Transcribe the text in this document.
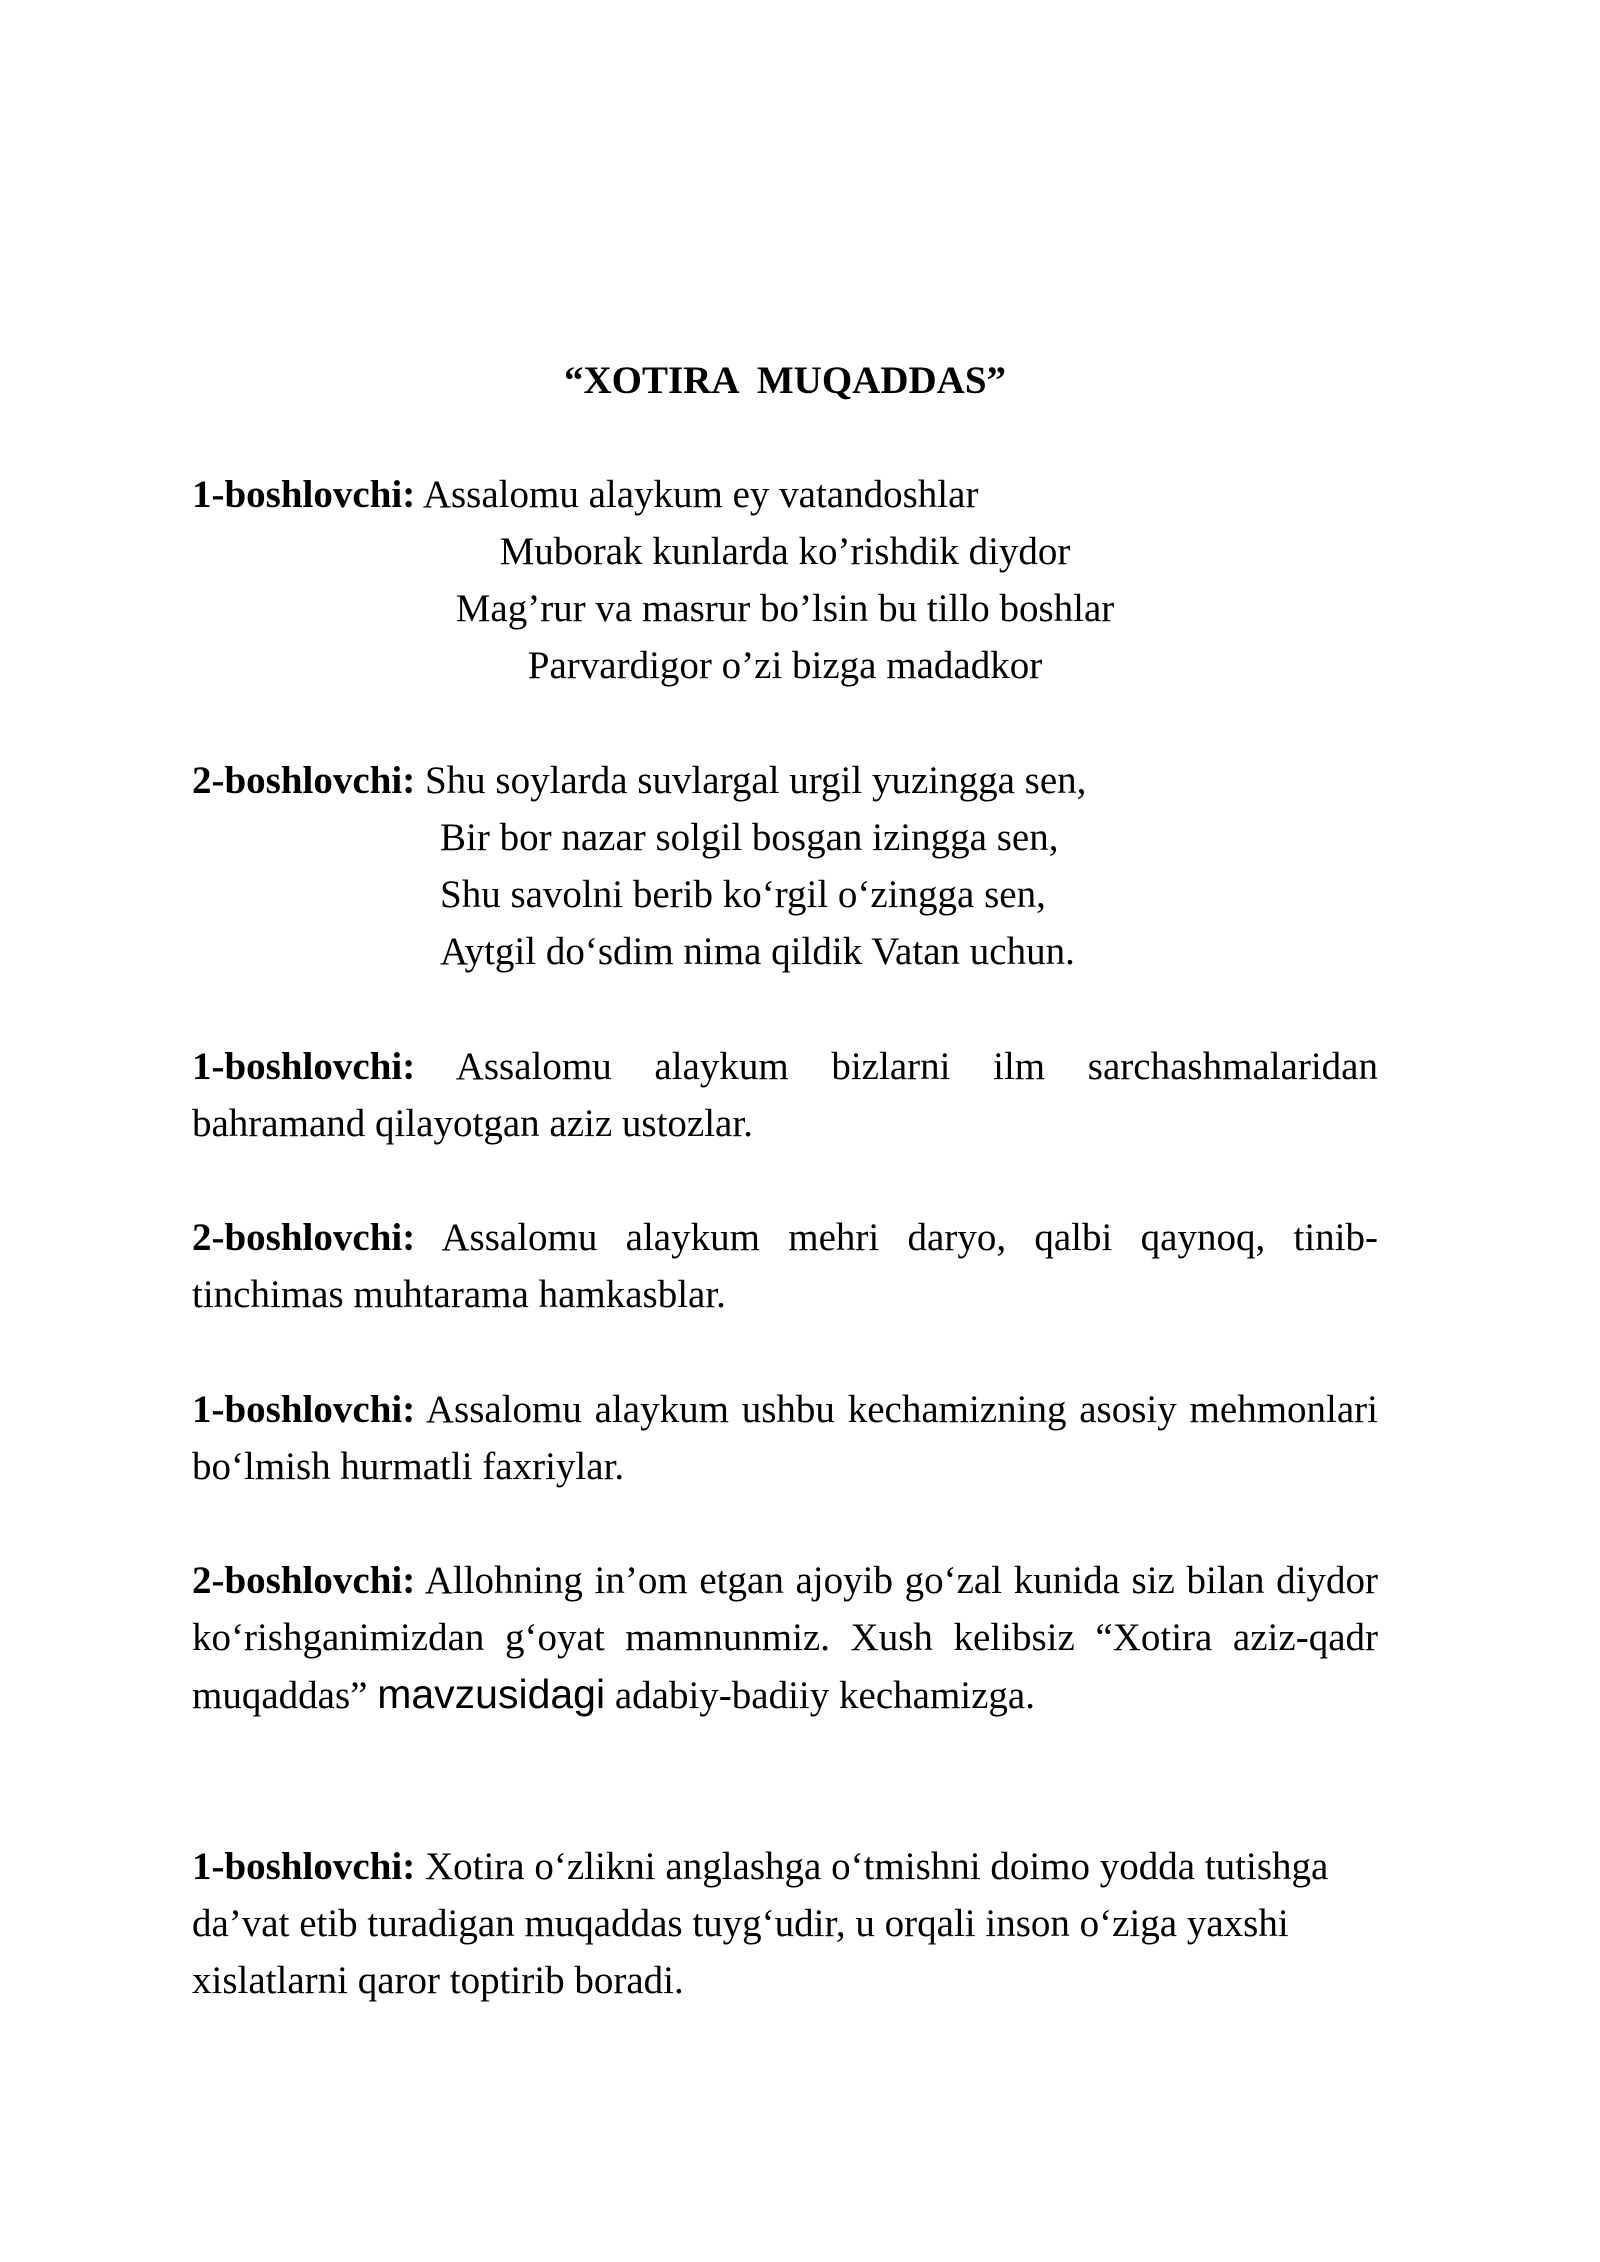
“XOTIRA  MUQADDAS”
1-boshlovchi: Assalomu alaykum ey vatandoshlar
Muborak kunlarda ko’rishdik diydor
Mag’rur va masrur bo’lsin bu tillo boshlar
Parvardigor o’zi bizga madadkor
2-boshlovchi: Shu soylarda suvlargal urgil yuzingga sen,
Bir bor nazar solgil bosgan izingga sen,
Shu savolni berib ko‘rgil o‘zingga sen,
Aytgil do‘sdim nima qildik Vatan uchun.
1-boshlovchi: Assalomu alaykum bizlarni ilm sarchashmalaridan bahramand qilayotgan aziz ustozlar.
2-boshlovchi: Assalomu alaykum mehri daryo, qalbi qaynoq, tinib-tinchimas muhtarama hamkasblar.
1-boshlovchi: Assalomu alaykum ushbu kechamizning asosiy mehmonlari bo‘lmish hurmatli faxriylar.
2-boshlovchi: Allohning in’om etgan ajoyib go‘zal kunida siz bilan diydor ko‘rishganimizdan g‘oyat mamnunmiz. Xush kelibsiz “Xotira aziz-qadr muqaddas” mavzusidagi adabiy-badiiy kechamizga.
1-boshlovchi: Xotira o‘zlikni anglashga o‘tmishni doimo yodda tutishga da’vat etib turadigan muqaddas tuyg‘udir, u orqali inson o‘ziga yaxshi xislatlarni qaror toptirib boradi.
